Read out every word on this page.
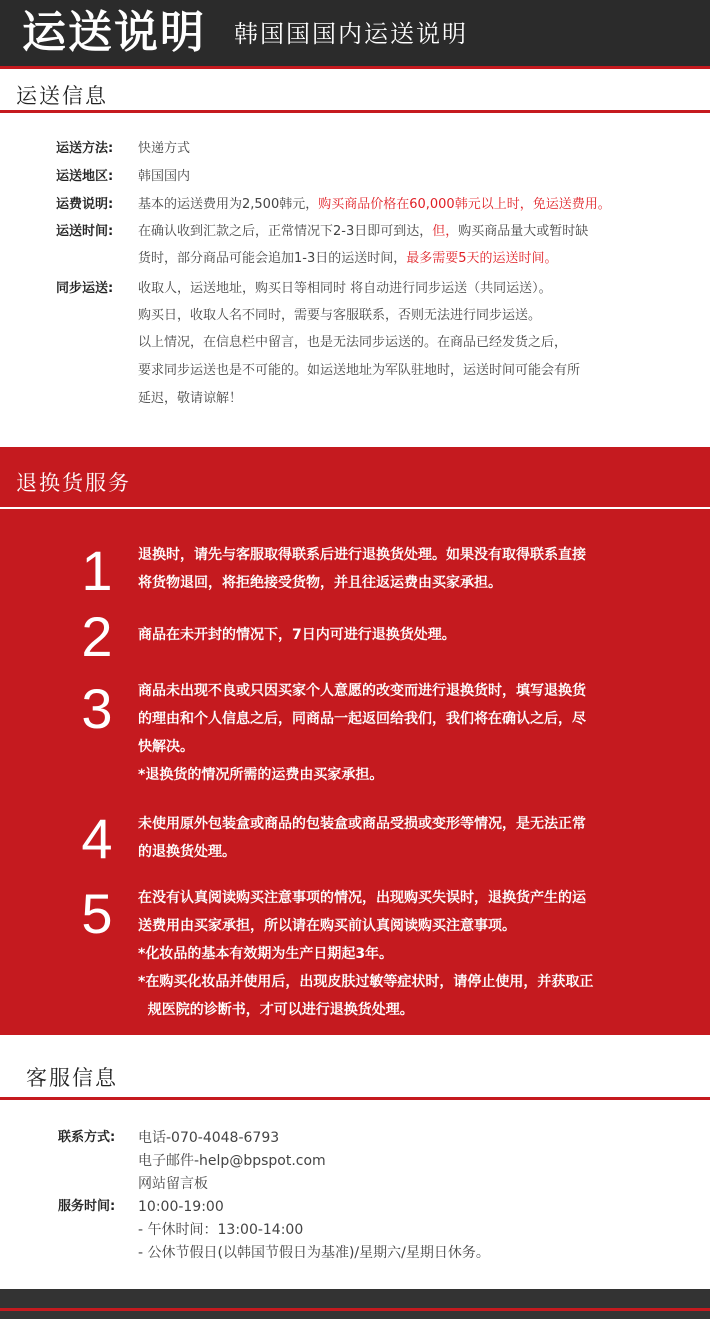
运送说明 韩国国国内运送说明
运送信息
运送方法: 快递方式
运送地区: 韩国国内
运费说明: 基本的运送费用为2,500韩元，购买商品价格在60,000韩元以上时，免运送费用。
运送时间: 在确认收到汇款之后，正常情况下2-3日即可到达，但，购买商品量大或暂时缺
货时，部分商品可能会追加1-3日的运送时间，最多需要5天的运送时间。
同步运送: 收取人，运送地址，购买日等相同时 将自动进行同步运送（共同运送）。
购买日，收取人名不同时，需要与客服联系，否则无法进行同步运送。
以上情况，在信息栏中留言，也是无法同步运送的。在商品已经发货之后，
要求同步运送也是不可能的。如运送地址为军队驻地时，运送时间可能会有所
延迟，敬请谅解！
退换货服务
1	退换时，请先与客服取得联系后进行退换货处理。如果没有取得联系直接
将货物退回，将拒绝接受货物，并且往返运费由买家承担。
2	商品在未开封的情况下，7日内可进行退换货处理。
3	商品未出现不良或只因买家个人意愿的改变而进行退换货时，填写退换货
的理由和个人信息之后，同商品一起返回给我们，我们将在确认之后，尽
快解决。
*退换货的情况所需的运费由买家承担。
4	未使用原外包装盒或商品的包装盒或商品受损或变形等情况，是无法正常
的退换货处理。
5	在没有认真阅读购买注意事项的情况，出现购买失误时，退换货产生的运
送费用由买家承担，所以请在购买前认真阅读购买注意事项。
*化妆品的基本有效期为生产日期起3年。
*在购买化妆品并使用后，出现皮肤过敏等症状时，请停止使用，并获取正
规医院的诊断书，才可以进行退换货处理。
客服信息
联系方式: 电话-070-4048-6793
电子邮件-help@bpspot.com
网站留言板
服务时间: 10:00-19:00
- 午休时间：13:00-14:00
- 公休节假日(以韩国节假日为基准)/星期六/星期日休务。
